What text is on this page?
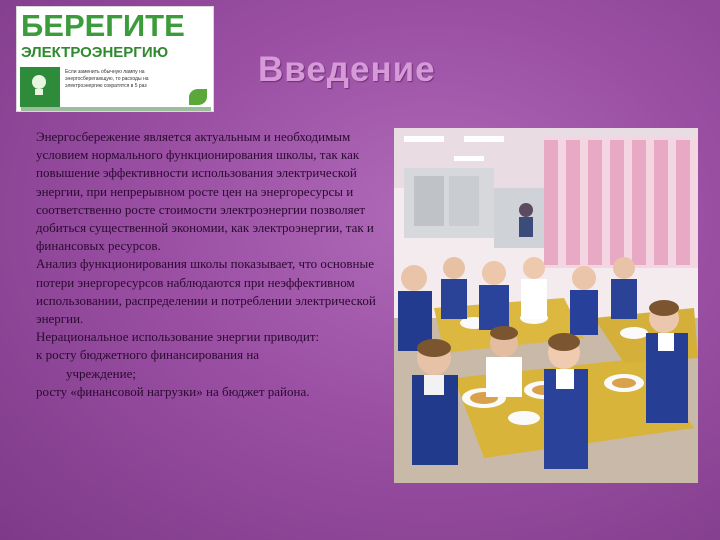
БЕРЕГИТЕ
ЭЛЕКТРОЭНЕРГИЮ
Если заменить обычную лампу на энергосберегающую, то расходы на электроэнергию сократятся в 5 раз	Введение

Энергосбережение является актуальным и необходимым условием нормального функционирования школы, так как повышение эффективности использования электрической энергии, при непрерывном росте цен на энергоресурсы и соответственно росте стоимости электроэнергии позволяет добиться существенной экономии, как электроэнергии, так и финансовых ресурсов.

Анализ функционирования школы показывает, что основные потери энергоресурсов наблюдаются при неэффективном использовании, распределении и потреблении электрической энергии.

Нерациональное использование энергии приводит:

к росту бюджетного финансирования на

учреждение;

росту «финансовой нагрузки» на бюджет района.
